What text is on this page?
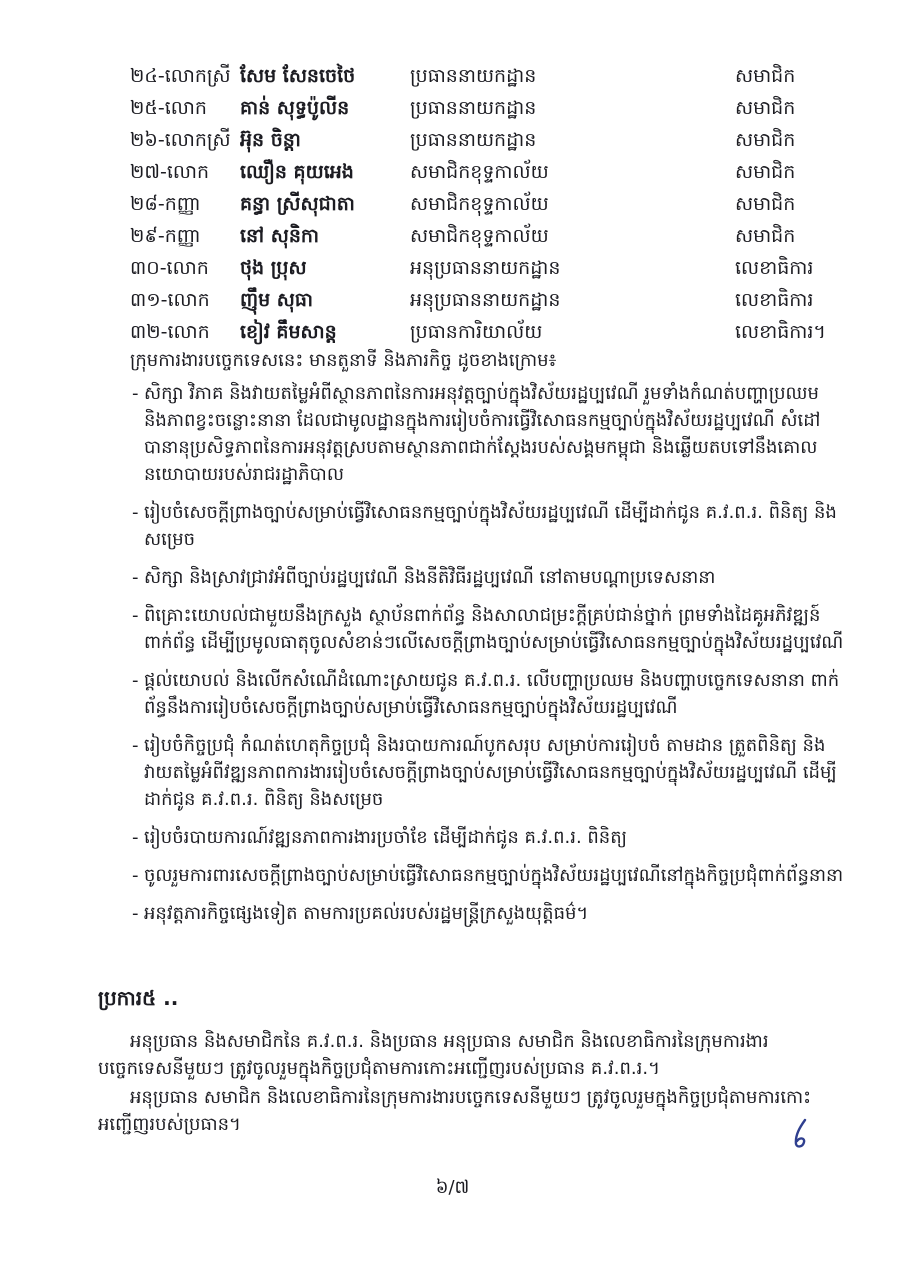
២៤-លោកស្រី សែម សែនចេថៃ	ប្រធាននាយកដ្ឋាន	សមាជិក
២៥-លោក គាន់ សុទ្ធប៉ូលីន	ប្រធាននាយកដ្ឋាន	សមាជិក
២៦-លោកស្រី អ៊ុន ចិន្តា	ប្រធាននាយកដ្ឋាន	សមាជិក
២៧-លោក ឈឿន គុយអេង	សមាជិកខុទ្ទកាល័យ	សមាជិក
២៨-កញ្ញា គន្ធា ស្រីសុជាតា	សមាជិកខុទ្ទកាល័យ	សមាជិក
២៩-កញ្ញា នៅ សុនិកា	សមាជិកខុទ្ទកាល័យ	សមាជិក
៣០-លោក ថុង ប្រុស	អនុប្រធាននាយកដ្ឋាន	លេខាធិការ
៣១-លោក ញ៉ឹម សុធា	អនុប្រធាននាយកដ្ឋាន	លេខាធិការ
៣២-លោក ខៀវ គឹមសាន្ត	ប្រធានការិយាល័យ	លេខាធិការ។
ក្រុមការងារបច្ចេកទេសនេះ មានតួនាទី និងភារកិច្ច ដូចខាងក្រោម៖
- សិក្សា វិភាគ និងវាយតម្លៃអំពីស្ថានភាពនៃការអនុវត្តច្បាប់ក្នុងវិស័យរដ្ឋប្បវេណី រួមទាំងកំណត់បញ្ហាប្រឈម និងភាពខ្វះចន្លោះនានា ដែលជាមូលដ្ឋានក្នុងការរៀបចំការធ្វើវិសោធនកម្មច្បាប់ក្នុងវិស័យរដ្ឋប្បវេណី សំដៅបានានុប្រសិទ្ធភាពនៃការអនុវត្តស្របតាមស្ថានភាពជាក់ស្តែងរបស់សង្គមកម្ពុជា និងឆ្លើយតបទៅនឹងគោលនយោបាយរបស់រាជរដ្ឋាភិបាល
- រៀបចំសេចក្តីព្រាងច្បាប់សម្រាប់ធ្វើវិសោធនកម្មច្បាប់ក្នុងវិស័យរដ្ឋប្បវេណី ដើម្បីដាក់ជូន គ.វ.ព.រ. ពិនិត្យ និងសម្រេច
- សិក្សា និងស្រាវជ្រាវអំពីច្បាប់រដ្ឋប្បវេណី និងនីតិវិធីរដ្ឋប្បវេណី នៅតាមបណ្តាប្រទេសនានា
- ពិគ្រោះយោបល់ជាមួយនឹងក្រសួង ស្ថាប័នពាក់ព័ន្ធ និងសាលាជម្រះក្តីគ្រប់ជាន់ថ្នាក់ ព្រមទាំងដៃគូអភិវឌ្ឍន៍ពាក់ព័ន្ធ ដើម្បីប្រមូលធាតុចូលសំខាន់ៗលើសេចក្តីព្រាងច្បាប់សម្រាប់ធ្វើវិសោធនកម្មច្បាប់ក្នុងវិស័យរដ្ឋប្បវេណី
- ផ្តល់យោបល់ និងលើកសំណើដំណោះស្រាយជូន គ.វ.ព.រ. លើបញ្ហាប្រឈម និងបញ្ហាបច្ចេកទេសនានា ពាក់ព័ន្ធនឹងការរៀបចំសេចក្តីព្រាងច្បាប់សម្រាប់ធ្វើវិសោធនកម្មច្បាប់ក្នុងវិស័យរដ្ឋប្បវេណី
- រៀបចំកិច្ចប្រជុំ កំណត់ហេតុកិច្ចប្រជុំ និងរបាយការណ៍បូកសរុប សម្រាប់ការរៀបចំ តាមដាន ត្រួតពិនិត្យ និងវាយតម្លៃអំពីវឌ្ឍនភាពការងាររៀបចំសេចក្តីព្រាងច្បាប់សម្រាប់ធ្វើវិសោធនកម្មច្បាប់ក្នុងវិស័យរដ្ឋប្បវេណី ដើម្បីដាក់ជូន គ.វ.ព.រ. ពិនិត្យ និងសម្រេច
- រៀបចំរបាយការណ៍វឌ្ឍនភាពការងារប្រចាំខែ ដើម្បីដាក់ជូន គ.វ.ព.រ. ពិនិត្យ
- ចូលរួមការពារសេចក្តីព្រាងច្បាប់សម្រាប់ធ្វើវិសោធនកម្មច្បាប់ក្នុងវិស័យរដ្ឋប្បវេណីនៅក្នុងកិច្ចប្រជុំពាក់ព័ន្ធនានា
- អនុវត្តភារកិច្ចផ្សេងទៀត តាមការប្រគល់របស់រដ្ឋមន្ត្រីក្រសួងយុត្តិធម៌។
ប្រការ៥ ..
អនុប្រធាន និងសមាជិកនៃ គ.វ.ព.រ. និងប្រធាន អនុប្រធាន សមាជិក និងលេខាធិការនៃក្រុមការងារបច្ចេកទេសនីមួយៗ ត្រូវចូលរួមក្នុងកិច្ចប្រជុំតាមការកោះអញ្ជើញរបស់ប្រធាន គ.វ.ព.រ.។
អនុប្រធាន សមាជិក និងលេខាធិការនៃក្រុមការងារបច្ចេកទេសនីមួយៗ ត្រូវចូលរួមក្នុងកិច្ចប្រជុំតាមការកោះអញ្ជើញរបស់ប្រធាន។
៦/៧
